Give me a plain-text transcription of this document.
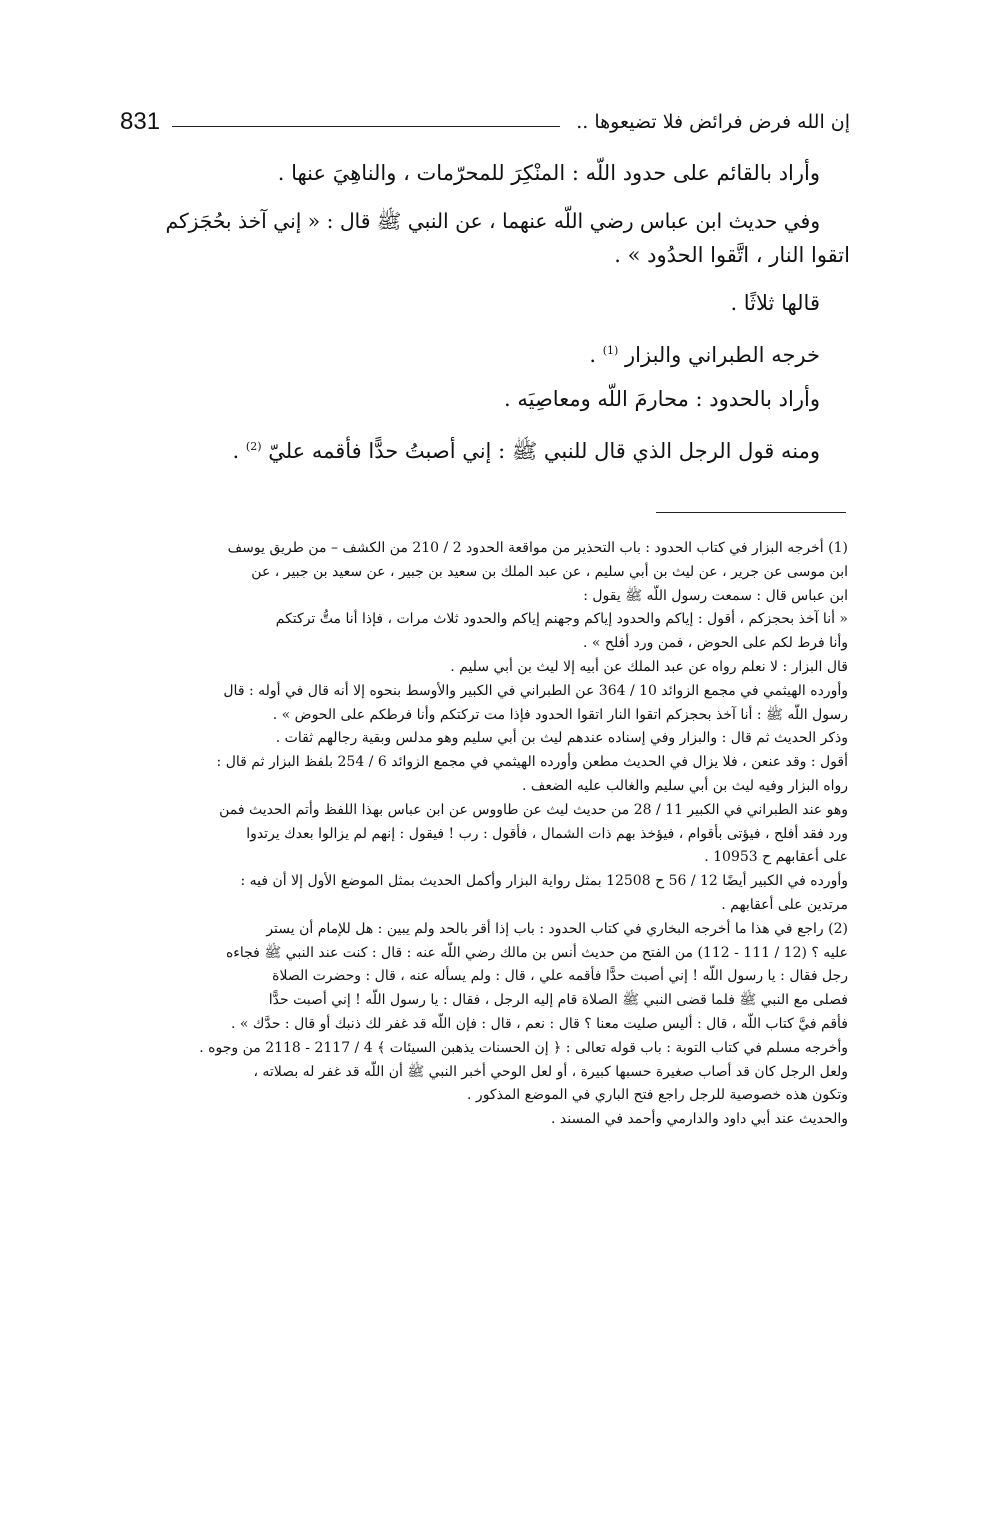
831	إن الله فرض فرائض فلا تضيعوها ..
وأراد بالقائم على حدود اللّه : المنْكِرَ للمحرّمات ، والناهِيَ عنها .
وفي حديث ابن عباس رضي اللّه عنهما ، عن النبي ﷺ قال : « إني آخذ بحُجَزكم
اتقوا النار ، اتَّقوا الحدُود » .
قالها ثلاثًا .
خرجه الطبراني والبزار $^{(1)}$ .
وأراد بالحدود : محارمَ اللّه ومعاصِيَه .
ومنه قول الرجل الذي قال للنبي ﷺ : إني أصبتُ حدًّا فأقمه عليّ $^{(2)}$ .
(1) أخرجه البزار في كتاب الحدود : باب التحذير من مواقعة الحدود 2 / 210 من الكشف – من طريق يوسف
ابن موسى عن جرير ، عن ليث بن أبي سليم ، عن عبد الملك بن سعيد بن جبير ، عن سعيد بن جبير ، عن
ابن عباس قال : سمعت رسول اللّه ﷺ يقول :
« أنا آخذ بحجزكم ، أقول : إياكم والحدود إياكم وجهنم إياكم والحدود ثلاث مرات ، فإذا أنا متُّ تركتكم
وأنا فرط لكم على الحوض ، فمن ورد أفلح » .
قال البزار : لا نعلم رواه عن عبد الملك عن أبيه إلا ليث بن أبي سليم .
وأورده الهيثمي في مجمع الزوائد 10 / 364 عن الطبراني في الكبير والأوسط بنحوه إلا أنه قال في أوله : قال
رسول اللّه ﷺ : أنا آخذ بحجزكم اتقوا النار اتقوا الحدود فإذا مت تركتكم وأنا فرطكم على الحوض » .
وذكر الحديث ثم قال : والبزار وفي إسناده عندهم ليث بن أبي سليم وهو مدلس وبقية رجالهم ثقات .
أقول : وقد عنعن ، فلا يزال في الحديث مطعن وأورده الهيثمي في مجمع الزوائد 6 / 254 بلفظ البزار ثم قال :
رواه البزار وفيه ليث بن أبي سليم والغالب عليه الضعف .
وهو عند الطبراني في الكبير 11 / 28 من حديث ليث عن طاووس عن ابن عباس بهذا اللفظ وأتم الحديث فمن
ورد فقد أفلح ، فيؤتى بأقوام ، فيؤخذ بهم ذات الشمال ، فأقول : رب ! فيقول : إنهم لم يزالوا بعدك يرتدوا
على أعقابهم ح 10953 .
وأورده في الكبير أيضًا 12 / 56 ح 12508 بمثل رواية البزار وأكمل الحديث بمثل الموضع الأول إلا أن فيه :
مرتدين على أعقابهم .
(2) راجع في هذا ما أخرجه البخاري في كتاب الحدود : باب إذا أقر بالحد ولم يبين : هل للإمام أن يستر
عليه ؟ (12 / 111 - 112) من الفتح من حديث أنس بن مالك رضي اللّه عنه : قال : كنت عند النبي ﷺ فجاءه
رجل فقال : يا رسول اللّه ! إني أصبت حدًّا فأقمه علي ، قال : ولم يسأله عنه ، قال : وحضرت الصلاة
فصلى مع النبي ﷺ فلما قضى النبي ﷺ الصلاة قام إليه الرجل ، فقال : يا رسول اللّه ! إني أصبت حدًّا
فأقم فيَّ كتاب اللّه ، قال : أليس صليت معنا ؟ قال : نعم ، قال : فإن اللّه قد غفر لك ذنبك أو قال : حدَّك » .
وأخرجه مسلم في كتاب التوبة : باب قوله تعالى : ﴿ إن الحسنات يذهبن السيئات ﴾ 4 / 2117 - 2118 من وجوه .
ولعل الرجل كان قد أصاب صغيرة حسبها كبيرة ، أو لعل الوحي أخبر النبي ﷺ أن اللّه قد غفر له بصلاته ،
وتكون هذه خصوصية للرجل راجع فتح الباري في الموضع المذكور .
والحديث عند أبي داود والدارمي وأحمد في المسند .
